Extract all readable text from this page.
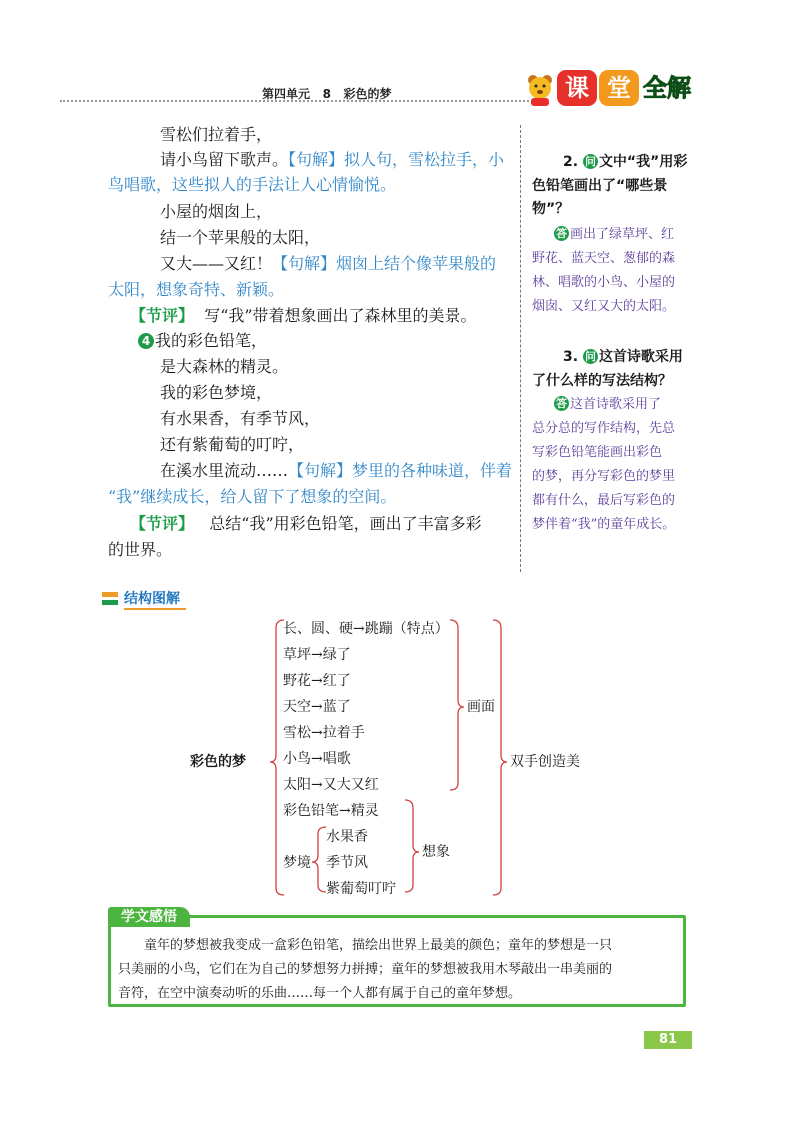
第四单元 8 彩色的梦	课 堂 全解
雪松们拉着手，
请小鸟留下歌声。【句解】拟人句，雪松拉手，小
鸟唱歌，这些拟人的手法让人心情愉悦。
小屋的烟囱上，
结一个苹果般的太阳，
又大——又红！【句解】烟囱上结个像苹果般的
太阳，想象奇特、新颖。
【节评】 写“我”带着想象画出了森林里的美景。
4 我的彩色铅笔，
是大森林的精灵。
我的彩色梦境，
有水果香，有季节风，
还有紫葡萄的叮咛，
在溪水里流动……【句解】梦里的各种味道，伴着
“我”继续成长，给人留下了想象的空间。
【节评】 总结“我”用彩色铅笔，画出了丰富多彩
的世界。
2. 问 文中“我”用彩
色铅笔画出了“哪些景
物”？
答 画出了绿草坪、红
野花、蓝天空、葱郁的森
林、唱歌的小鸟、小屋的
烟囱、又红又大的太阳。
3. 问 这首诗歌采用
了什么样的写法结构？
答 这首诗歌采用了
总分总的写作结构，先总
写彩色铅笔能画出彩色
的梦，再分写彩色的梦里
都有什么，最后写彩色的
梦伴着“我”的童年成长。
结构图解
彩色的梦
长、圆、硬→跳蹦（特点）
草坪→绿了
野花→红了
天空→蓝了
雪松→拉着手
小鸟→唱歌
太阳→又大又红
画面
彩色铅笔→精灵
梦境
水果香
季节风
紫葡萄叮咛
想象
双手创造美
学文感悟
童年的梦想被我变成一盒彩色铅笔，描绘出世界上最美的颜色；童年的梦想是一只
只美丽的小鸟，它们在为自己的梦想努力拼搏；童年的梦想被我用木琴敲出一串美丽的
音符，在空中演奏动听的乐曲……每一个人都有属于自己的童年梦想。
81
